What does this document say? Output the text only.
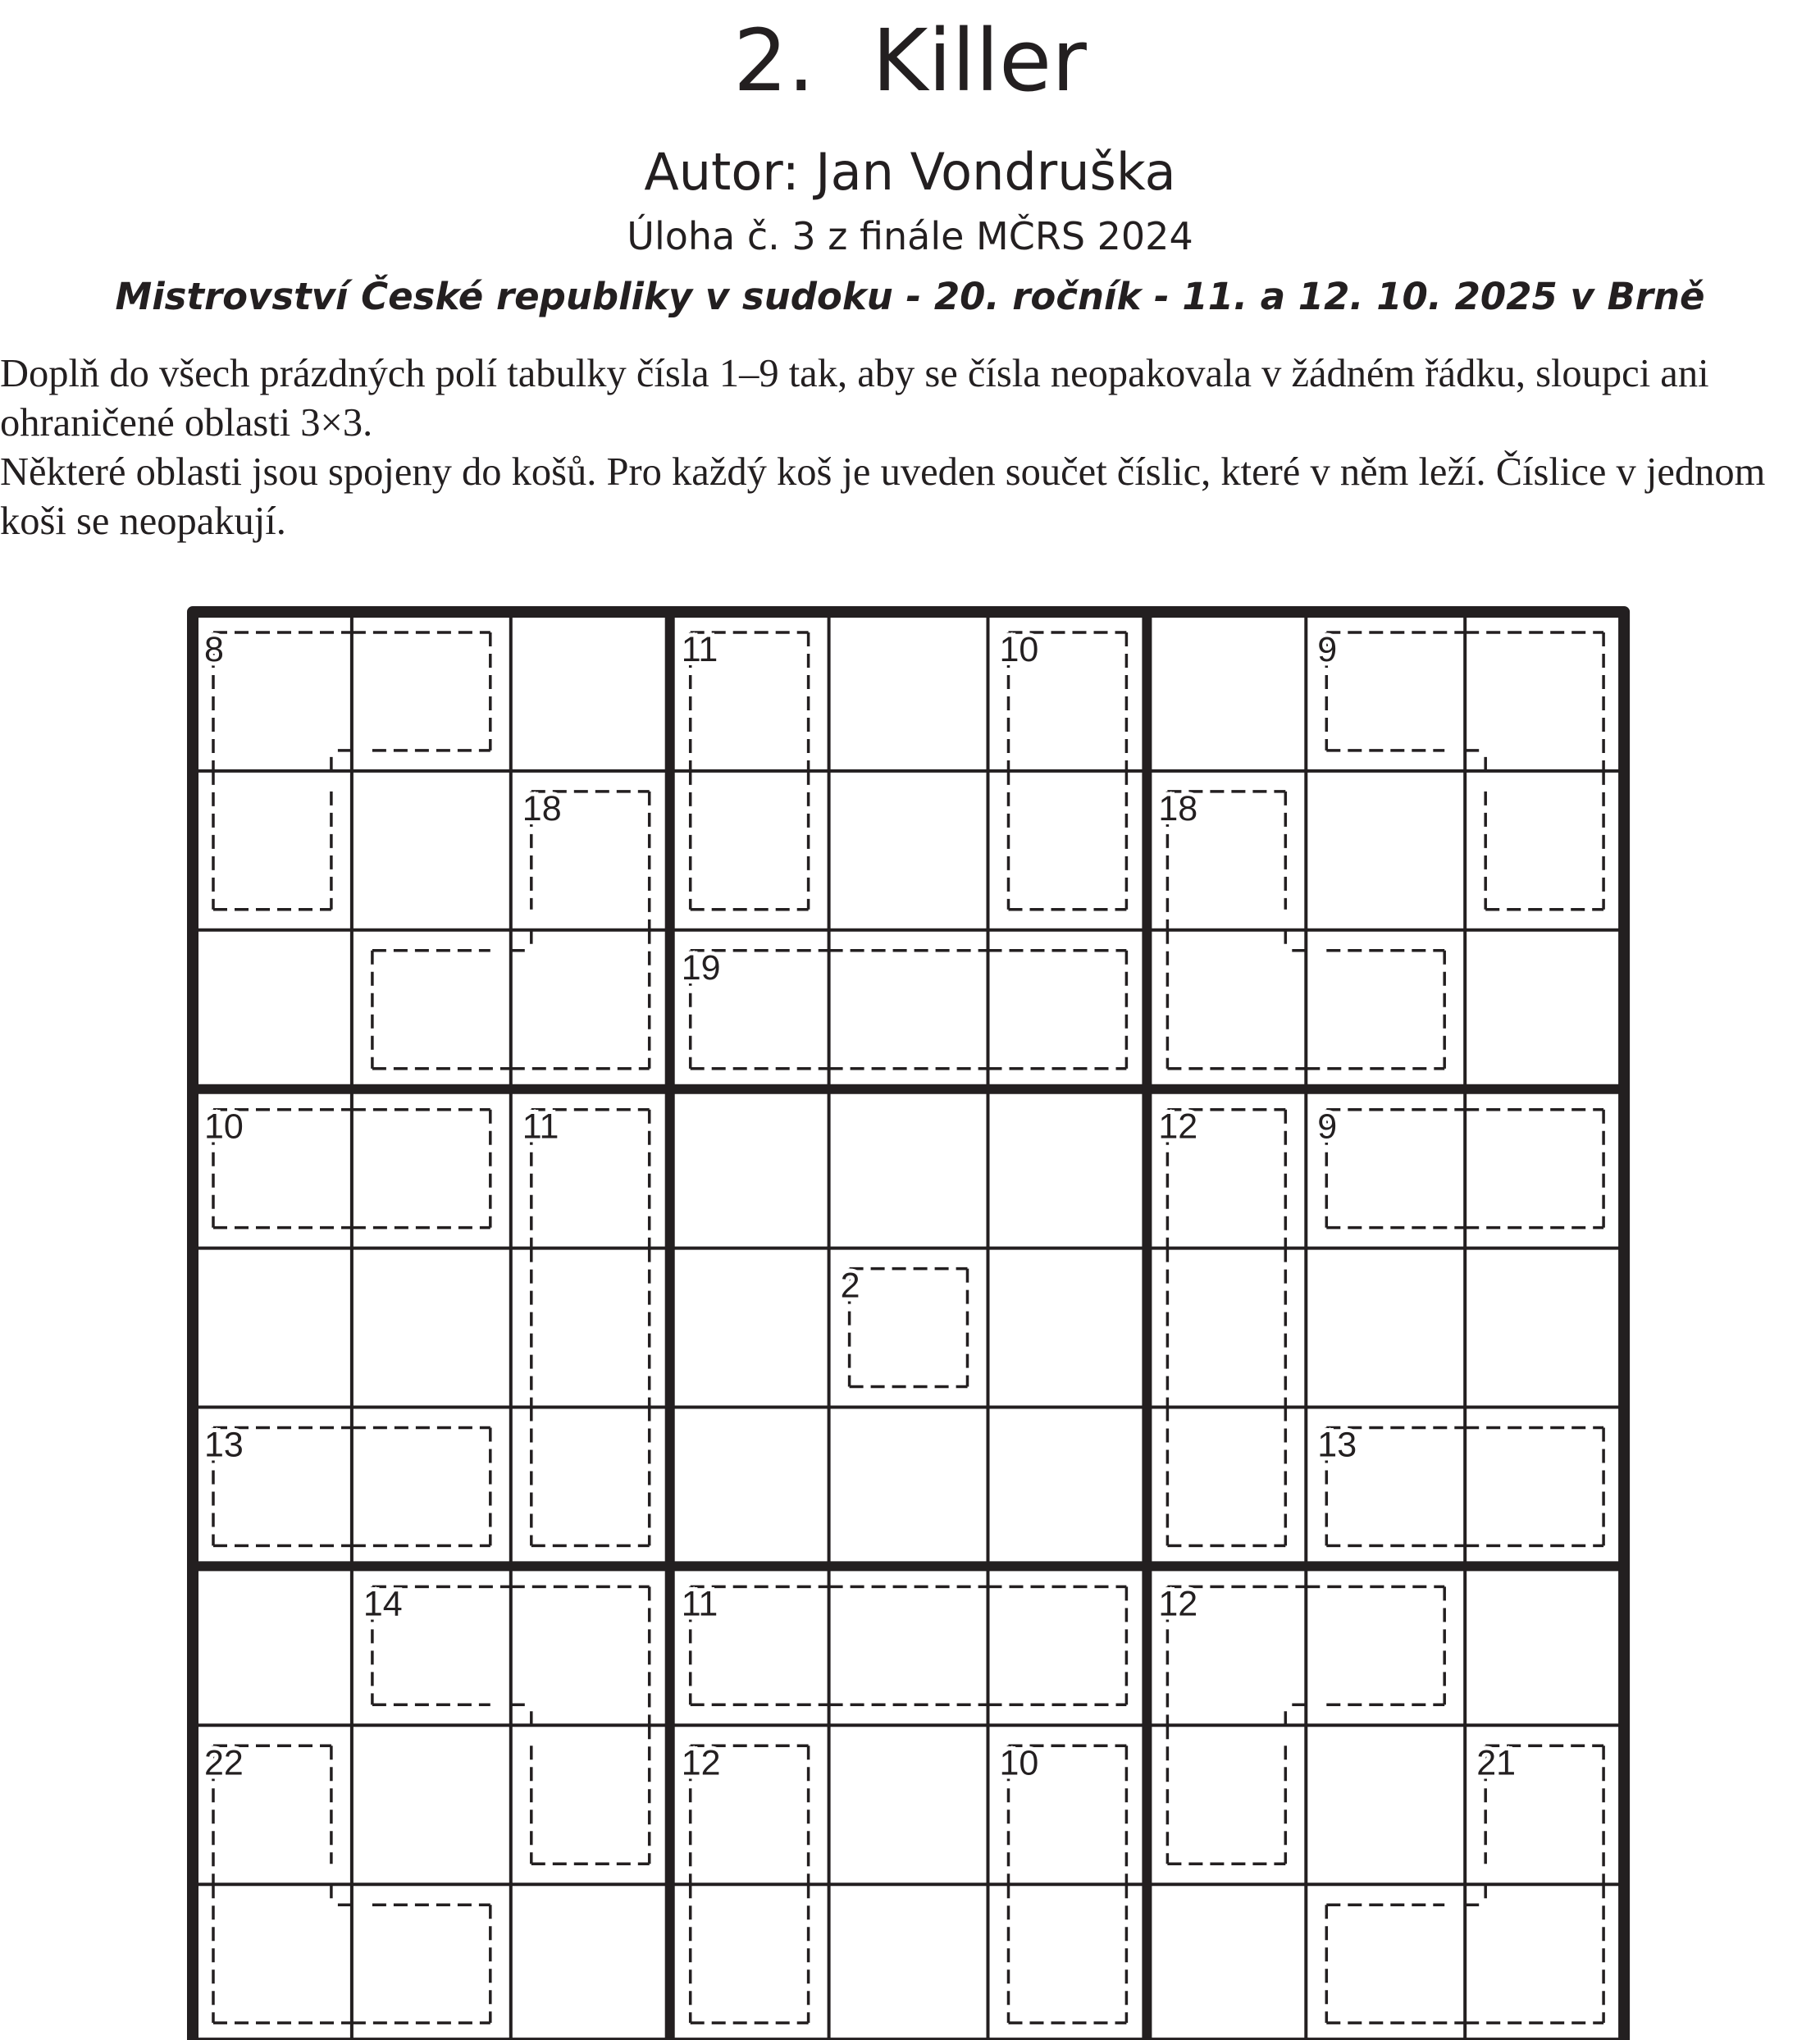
2. Killer
Autor: Jan Vondruška
Úloha č. 3 z finále MČRS 2024
Mistrovství České republiky v sudoku - 20. ročník - 11. a 12. 10. 2025 v Brně

Doplň do všech prázdných polí tabulky čísla 1–9 tak, aby se čísla neopakovala v žádném řádku, sloupci ani ohraničené oblasti 3×3.

Některé oblasti jsou spojeny do košů. Pro každý koš je uveden součet číslic, které v něm leží. Číslice v jednom koši se neopakují.

8	11	10	9
18	18
19
10	11	12	9
2
13	13
14	11	12
22	12	10	21
